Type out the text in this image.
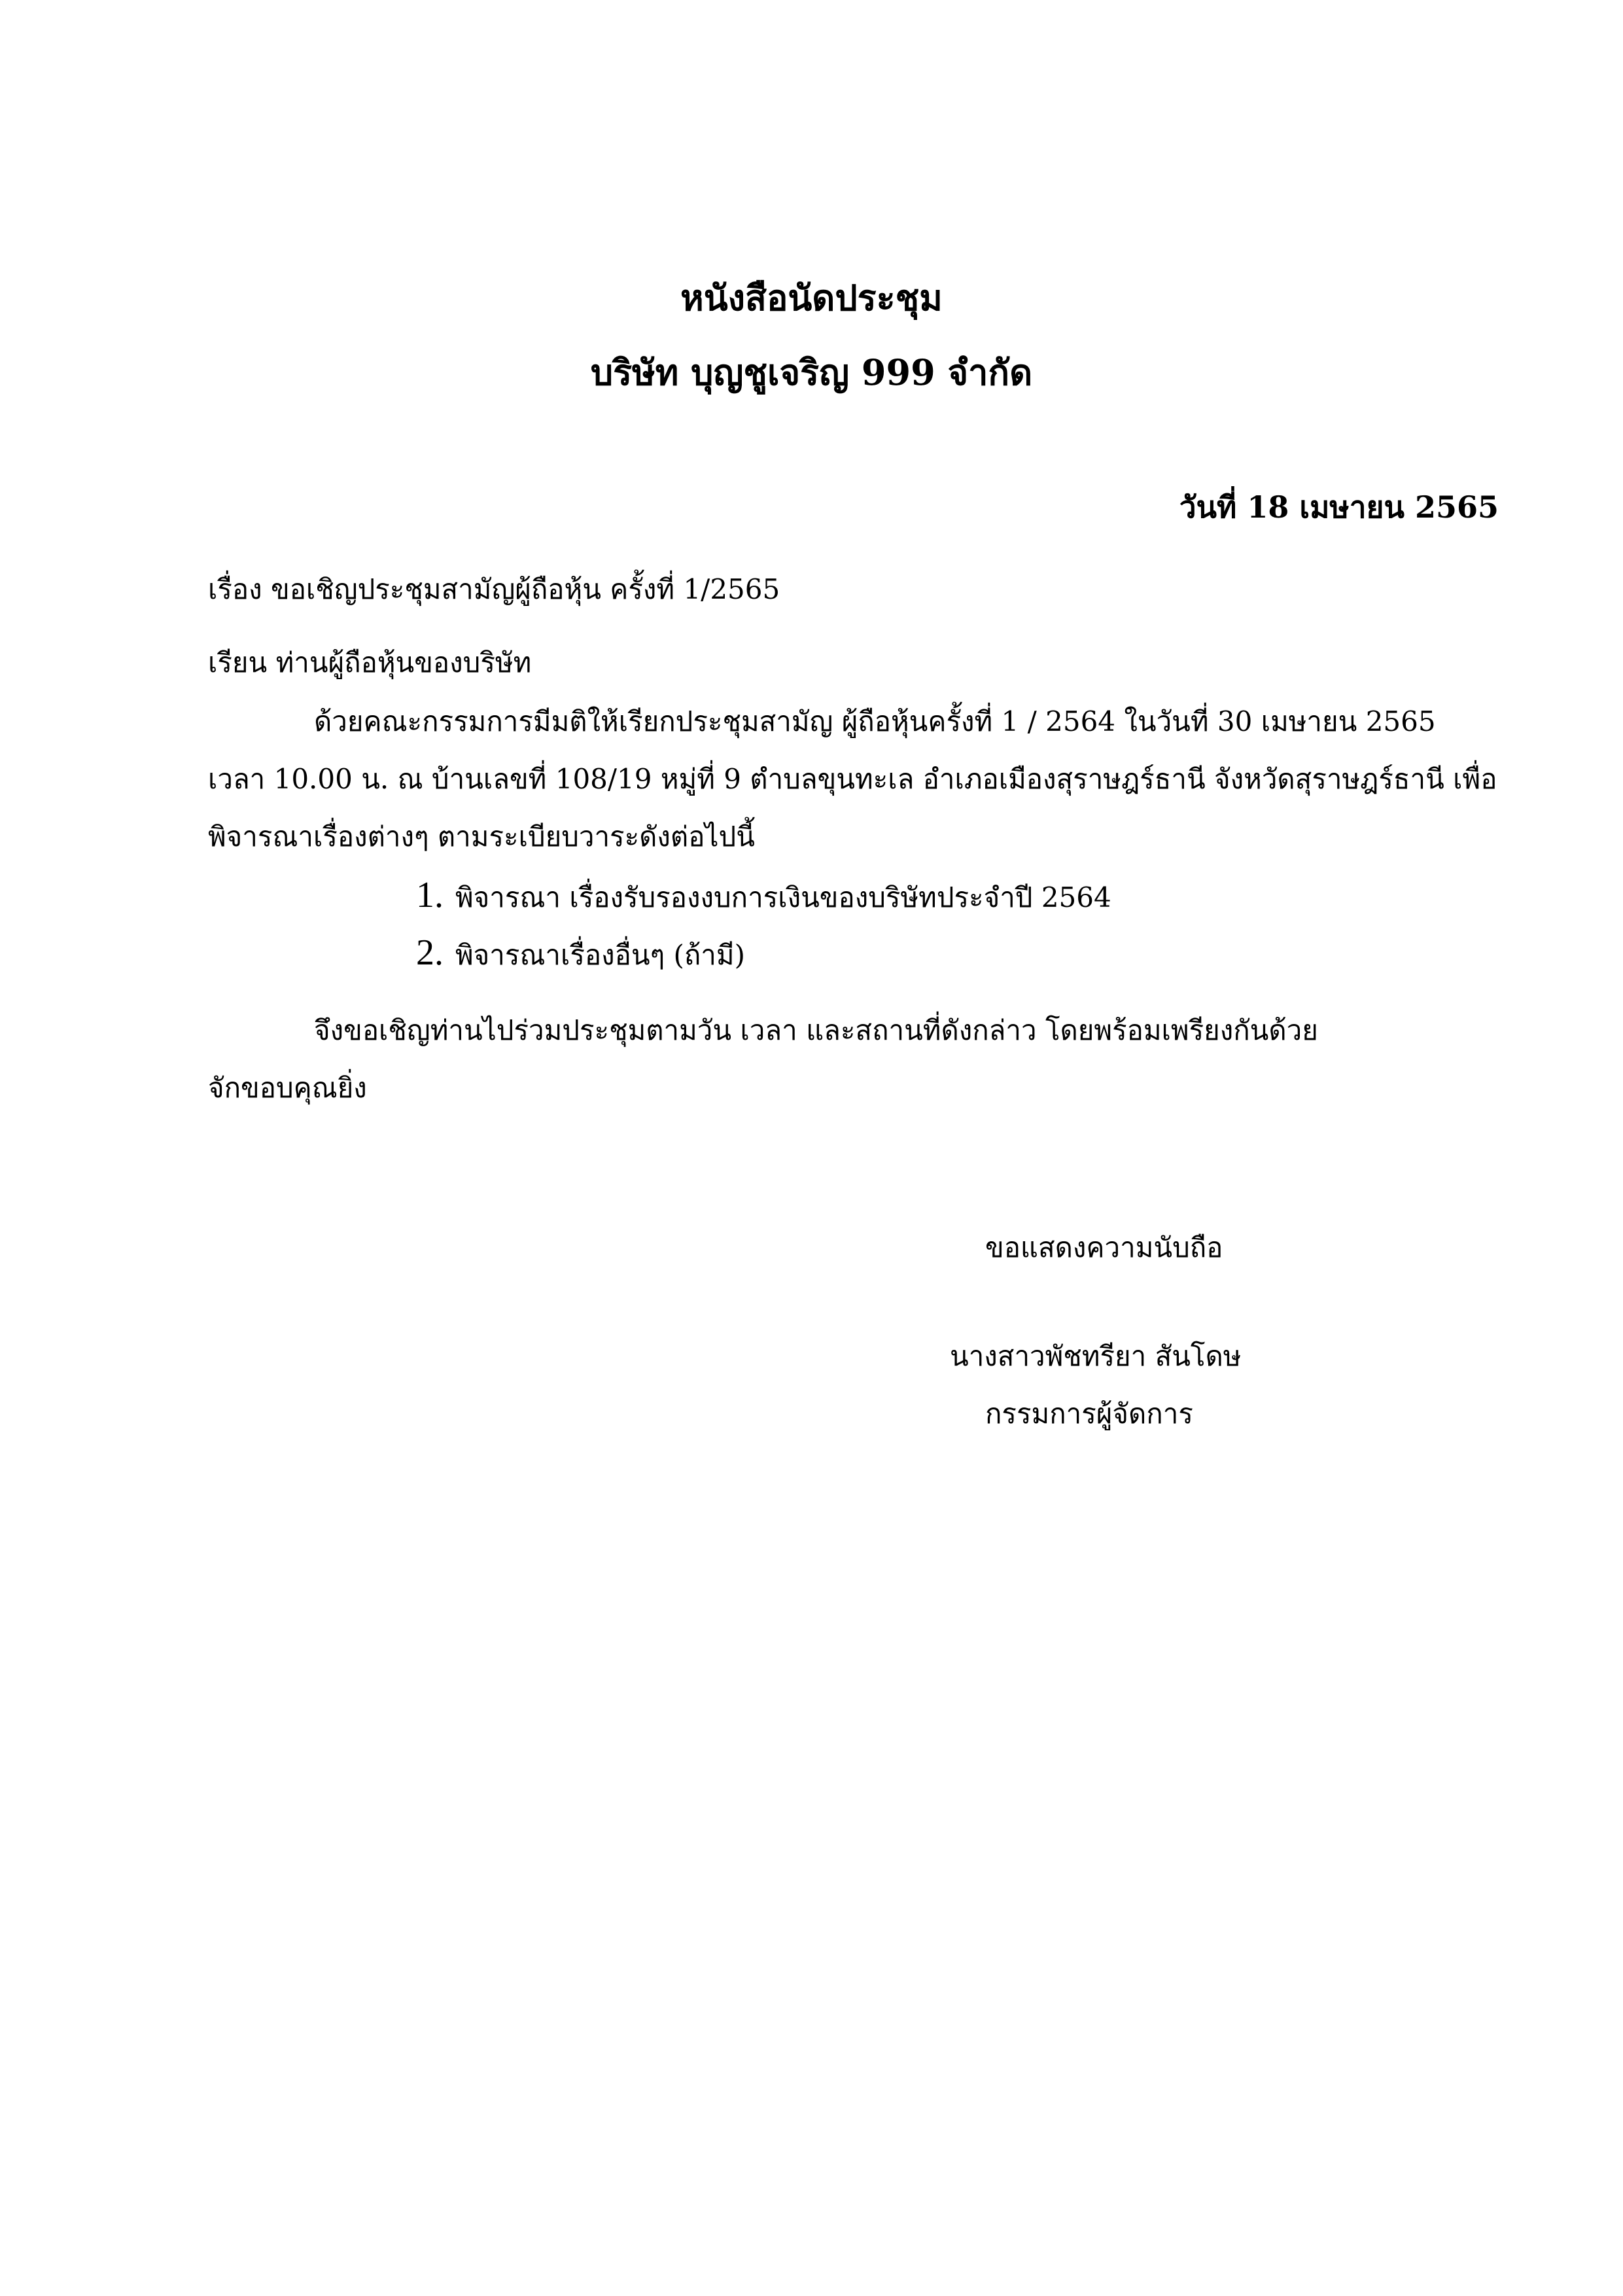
หนังสือนัดประชุม
บริษัท บุญชูเจริญ 999 จำกัด
วันที่ 18 เมษายน 2565
เรื่อง ขอเชิญประชุมสามัญผู้ถือหุ้น ครั้งที่ 1/2565
เรียน ท่านผู้ถือหุ้นของบริษัท
ด้วยคณะกรรมการมีมติให้เรียกประชุมสามัญ ผู้ถือหุ้นครั้งที่ 1 / 2564 ในวันที่ 30 เมษายน 2565
เวลา 10.00 น. ณ บ้านเลขที่ 108/19 หมู่ที่ 9 ตำบลขุนทะเล อำเภอเมืองสุราษฎร์ธานี จังหวัดสุราษฎร์ธานี เพื่อ
พิจารณาเรื่องต่างๆ ตามระเบียบวาระดังต่อไปนี้
1. พิจารณา เรื่องรับรองงบการเงินของบริษัทประจำปี 2564
2. พิจารณาเรื่องอื่นๆ (ถ้ามี)
จึงขอเชิญท่านไปร่วมประชุมตามวัน เวลา และสถานที่ดังกล่าว โดยพร้อมเพรียงกันด้วย
จักขอบคุณยิ่ง
ขอแสดงความนับถือ
นางสาวพัชทรียา สันโดษ
กรรมการผู้จัดการ
